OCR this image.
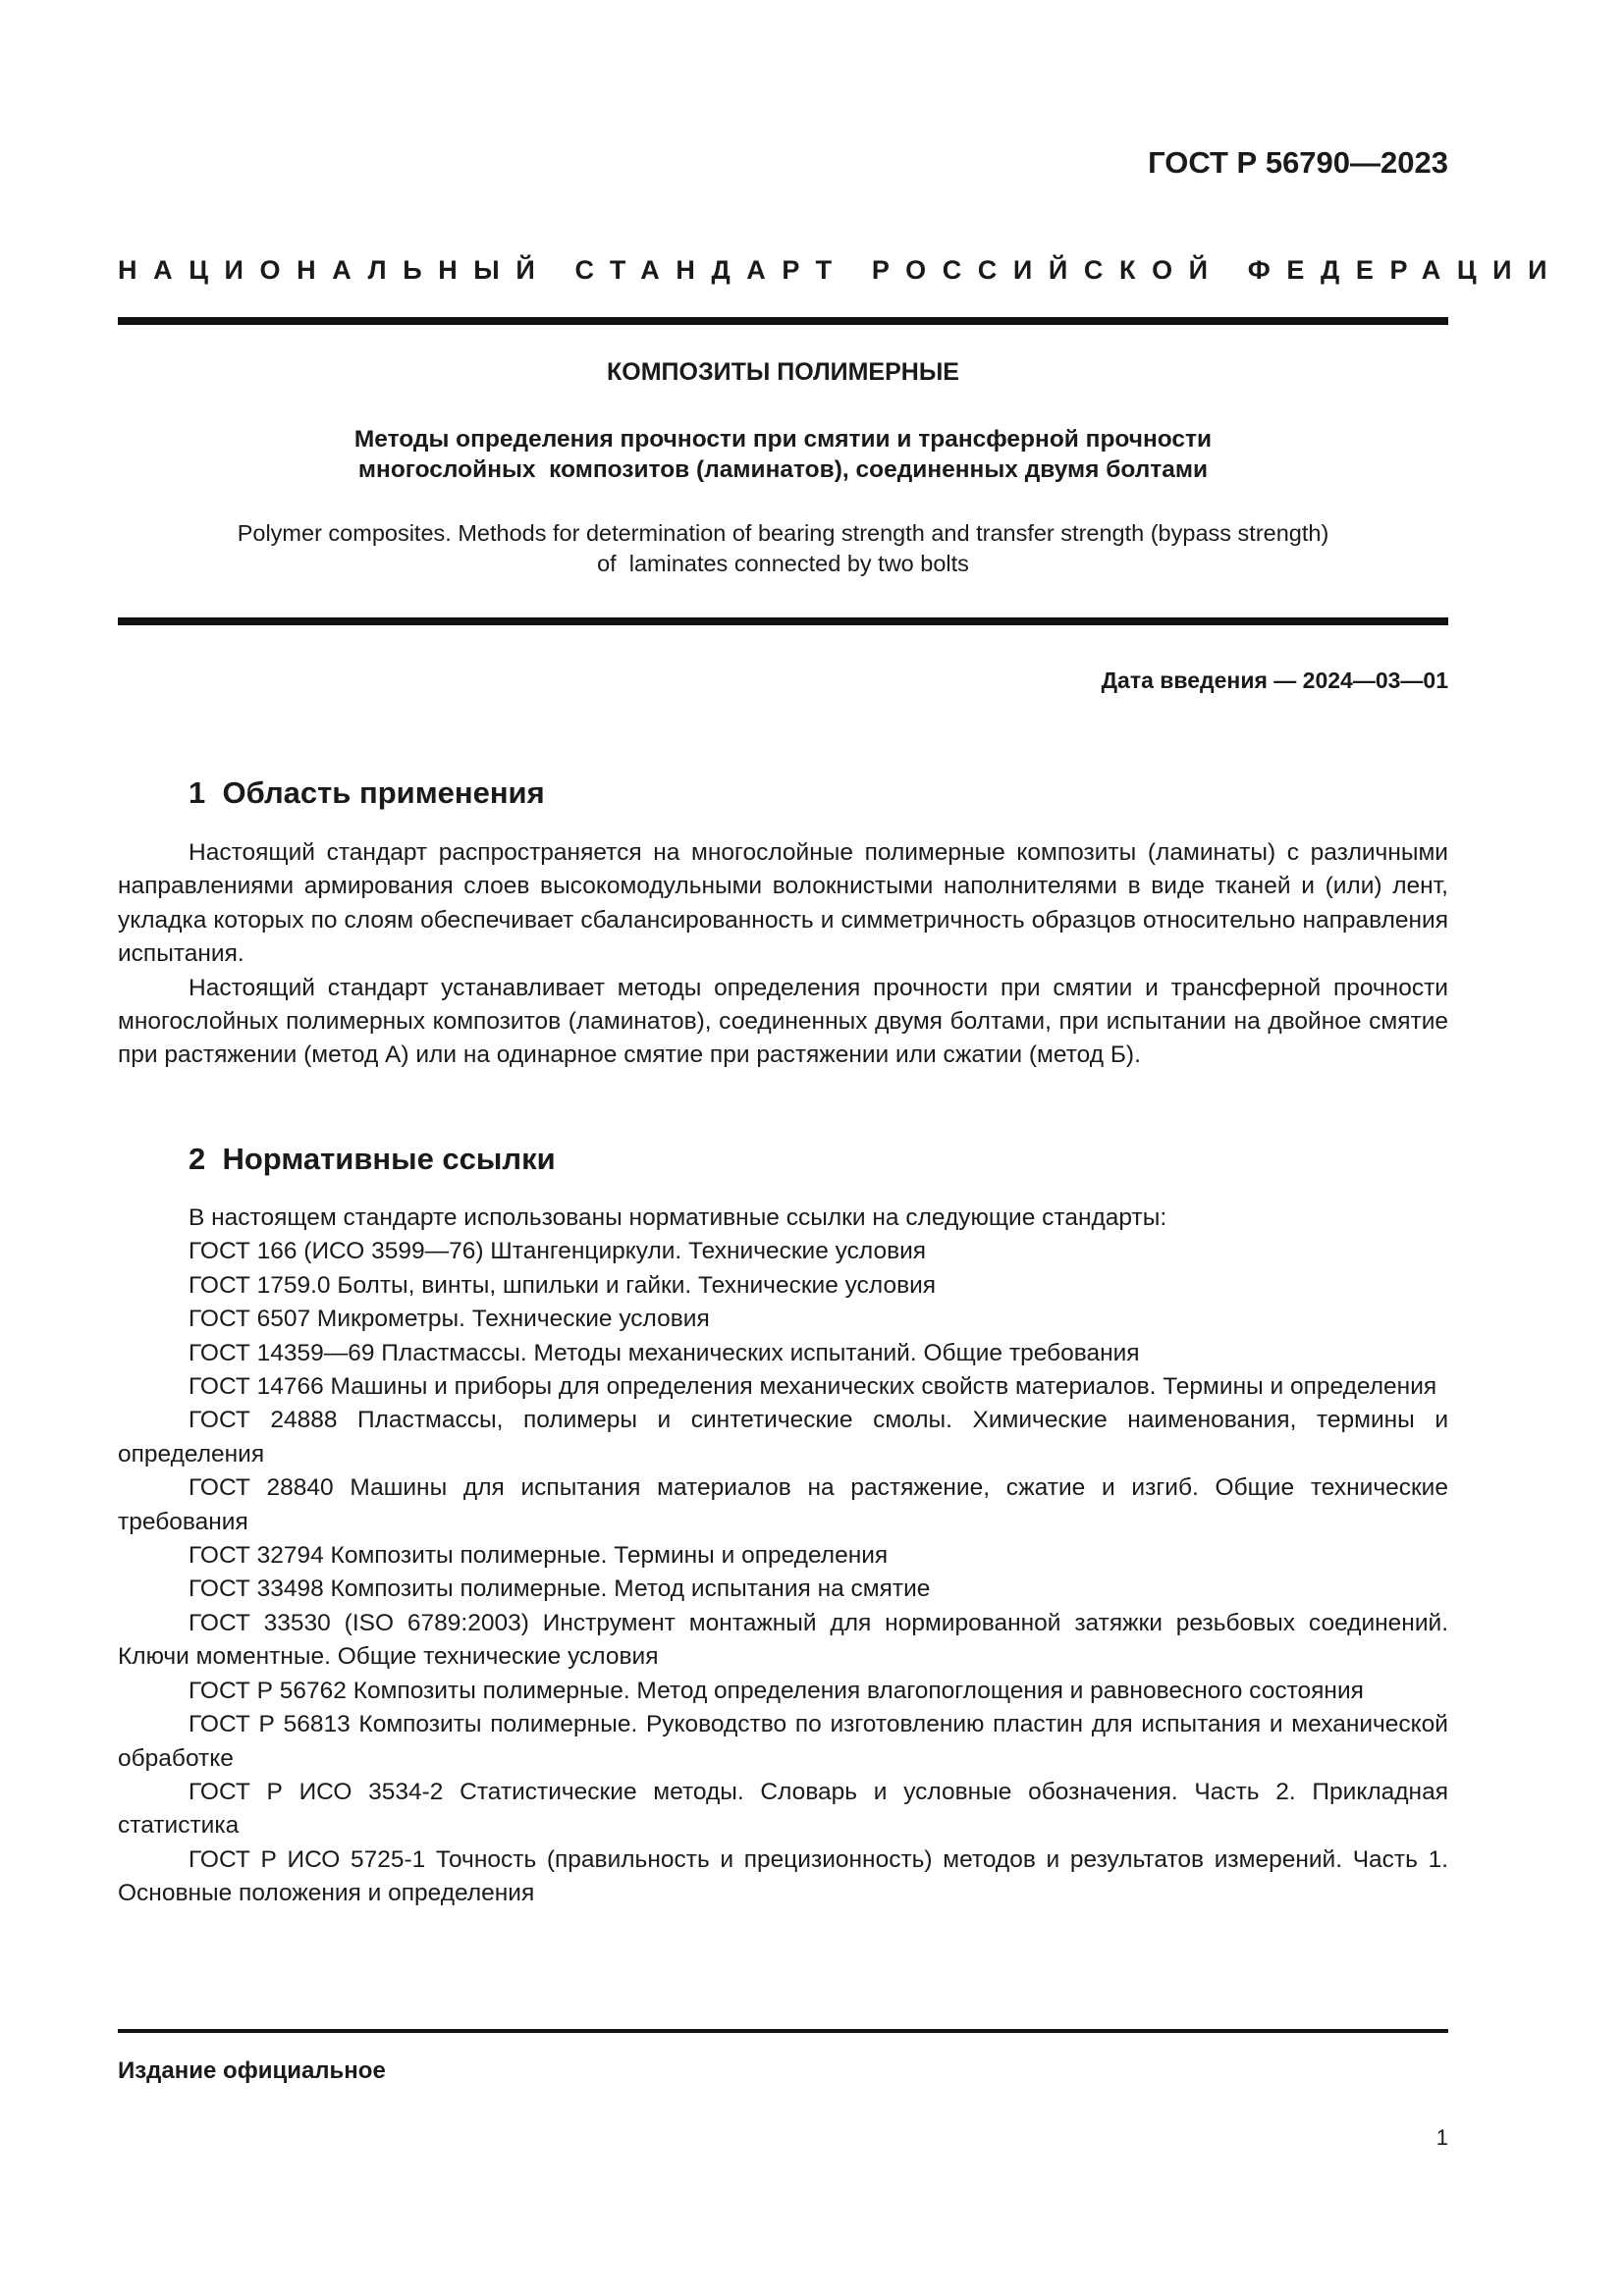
ГОСТ Р 56790—2023
НАЦИОНАЛЬНЫЙ СТАНДАРТ РОССИЙСКОЙ ФЕДЕРАЦИИ
КОМПОЗИТЫ ПОЛИМЕРНЫЕ
Методы определения прочности при смятии и трансферной прочности
многослойных  композитов (ламинатов), соединенных двумя болтами
Polymer composites. Methods for determination of bearing strength and transfer strength (bypass strength)
of  laminates connected by two bolts
Дата введения — 2024—03—01
1  Область применения

Настоящий стандарт распространяется на многослойные полимерные композиты (ламинаты) с различными направлениями армирования слоев высокомодульными волокнистыми наполнителями в виде тканей и (или) лент, укладка которых по слоям обеспечивает сбалансированность и симметричность образцов относительно направления испытания.

Настоящий стандарт устанавливает методы определения прочности при смятии и трансферной прочности многослойных полимерных композитов (ламинатов), соединенных двумя болтами, при испытании на двойное смятие при растяжении (метод А) или на одинарное смятие при растяжении или сжатии (метод Б).

2  Нормативные ссылки

В настоящем стандарте использованы нормативные ссылки на следующие стандарты:

ГОСТ 166 (ИСО 3599—76) Штангенциркули. Технические условия

ГОСТ 1759.0 Болты, винты, шпильки и гайки. Технические условия

ГОСТ 6507 Микрометры. Технические условия

ГОСТ 14359—69 Пластмассы. Методы механических испытаний. Общие требования

ГОСТ 14766 Машины и приборы для определения механических свойств материалов. Термины и определения

ГОСТ 24888 Пластмассы, полимеры и синтетические смолы. Химические наименования, термины и определения

ГОСТ 28840 Машины для испытания материалов на растяжение, сжатие и изгиб. Общие технические требования

ГОСТ 32794 Композиты полимерные. Термины и определения

ГОСТ 33498 Композиты полимерные. Метод испытания на смятие

ГОСТ 33530 (ISO 6789:2003) Инструмент монтажный для нормированной затяжки резьбовых соединений. Ключи моментные. Общие технические условия

ГОСТ Р 56762 Композиты полимерные. Метод определения влагопоглощения и равновесного состояния

ГОСТ Р 56813 Композиты полимерные. Руководство по изготовлению пластин для испытания и механической обработке

ГОСТ Р ИСО 3534-2 Статистические методы. Словарь и условные обозначения. Часть 2. Прикладная статистика

ГОСТ Р ИСО 5725-1 Точность (правильность и прецизионность) методов и результатов измерений. Часть 1. Основные положения и определения

Издание официальное
1
